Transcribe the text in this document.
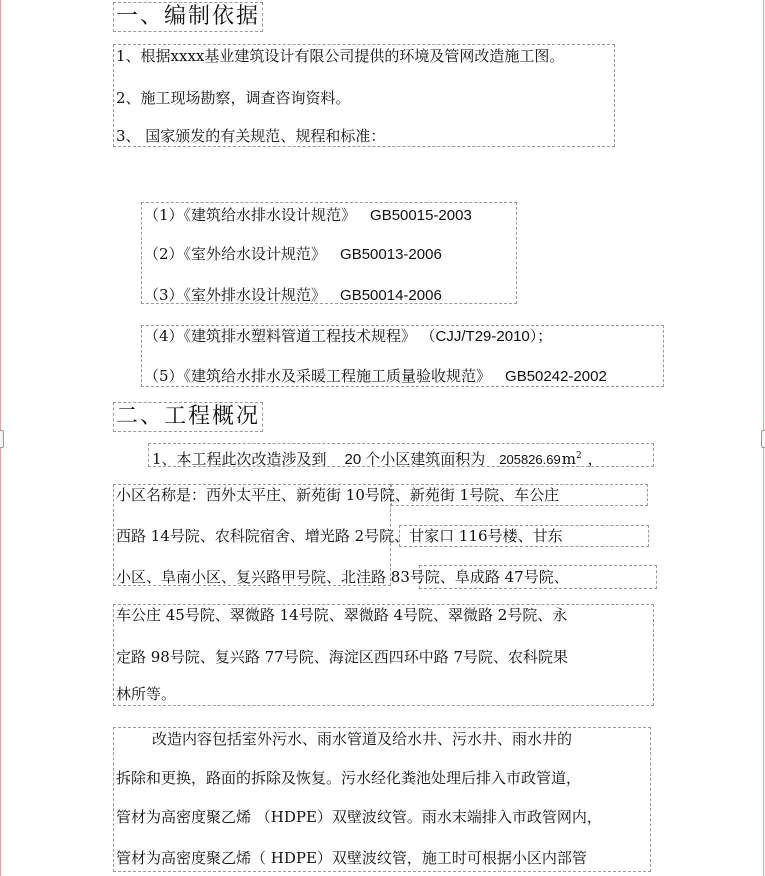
一、编制依据
1、根据xxxx基业建筑设计有限公司提供的环境及管网改造施工图。
2、施工现场勘察，调查咨询资料。
3、 国家颁发的有关规范、规程和标准：
（1）《建筑给水排水设计规范》 GB50015-2003
（2）《室外给水设计规范》 GB50013-2006
（3）《室外排水设计规范》 GB50014-2006
（4）《建筑排水塑料管道工程技术规程》 （CJJ/T29-2010）；
（5）《建筑给水排水及采暖工程施工质量验收规范》 GB50242-2002
二、工程概况
1、本工程此次改造涉及到 20 个小区建筑面积为 $205826.69m^2$ ，
小区名称是：西外太平庄、新苑街 10号院、新苑街 1号院、车公庄
西路 14号院、农科院宿舍、增光路 2号院、甘家口 116号楼、甘东
小区、阜南小区、复兴路甲号院、北洼路 83号院、阜成路 47号院、
车公庄 45号院、翠微路 14号院、翠微路 4号院、翠微路 2号院、永
定路 98号院、复兴路 77号院、海淀区西四环中路 7号院、农科院果
林所等。
改造内容包括室外污水、雨水管道及给水井、污水井、雨水井的
拆除和更换，路面的拆除及恢复。污水经化粪池处理后排入市政管道，
管材为高密度聚乙烯 （HDPE）双壁波纹管。雨水末端排入市政管网内，
管材为高密度聚乙烯（ HDPE）双壁波纹管，施工时可根据小区内部管
